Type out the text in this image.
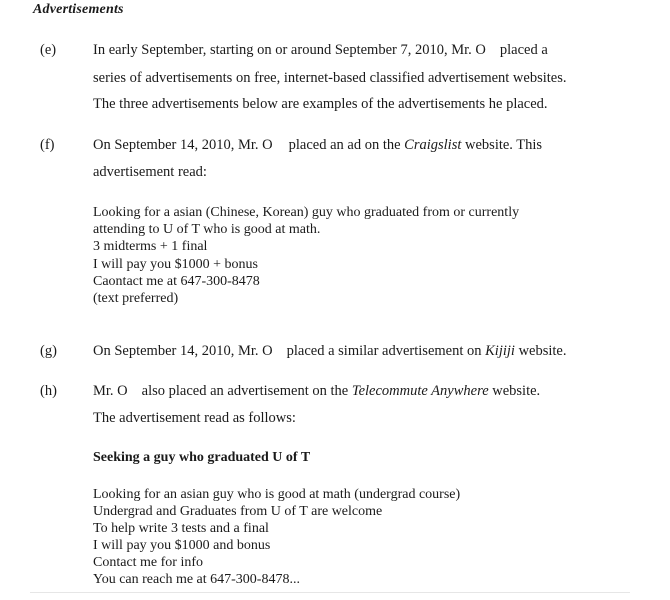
Advertisements
(e)	In early September, starting on or around September 7, 2010, Mr. O placed a
series of advertisements on free, internet-based classified advertisement websites.
The three advertisements below are examples of the advertisements he placed.
(f)	On September 14, 2010, Mr. O placed an ad on the Craigslist website. This
advertisement read:
Looking for a asian (Chinese, Korean) guy who graduated from or currently
attending to U of T who is good at math.
3 midterms + 1 final
I will pay you $1000 + bonus
Caontact me at 647-300-8478
(text preferred)
(g) On September 14, 2010, Mr. O placed a similar advertisement on Kijiji website.
(h) Mr. O also placed an advertisement on the Telecommute Anywhere website.
The advertisement read as follows:
Seeking a guy who graduated U of T
Looking for an asian guy who is good at math (undergrad course)
Undergrad and Graduates from U of T are welcome
To help write 3 tests and a final
I will pay you $1000 and bonus
Contact me for info
You can reach me at 647-300-8478...
